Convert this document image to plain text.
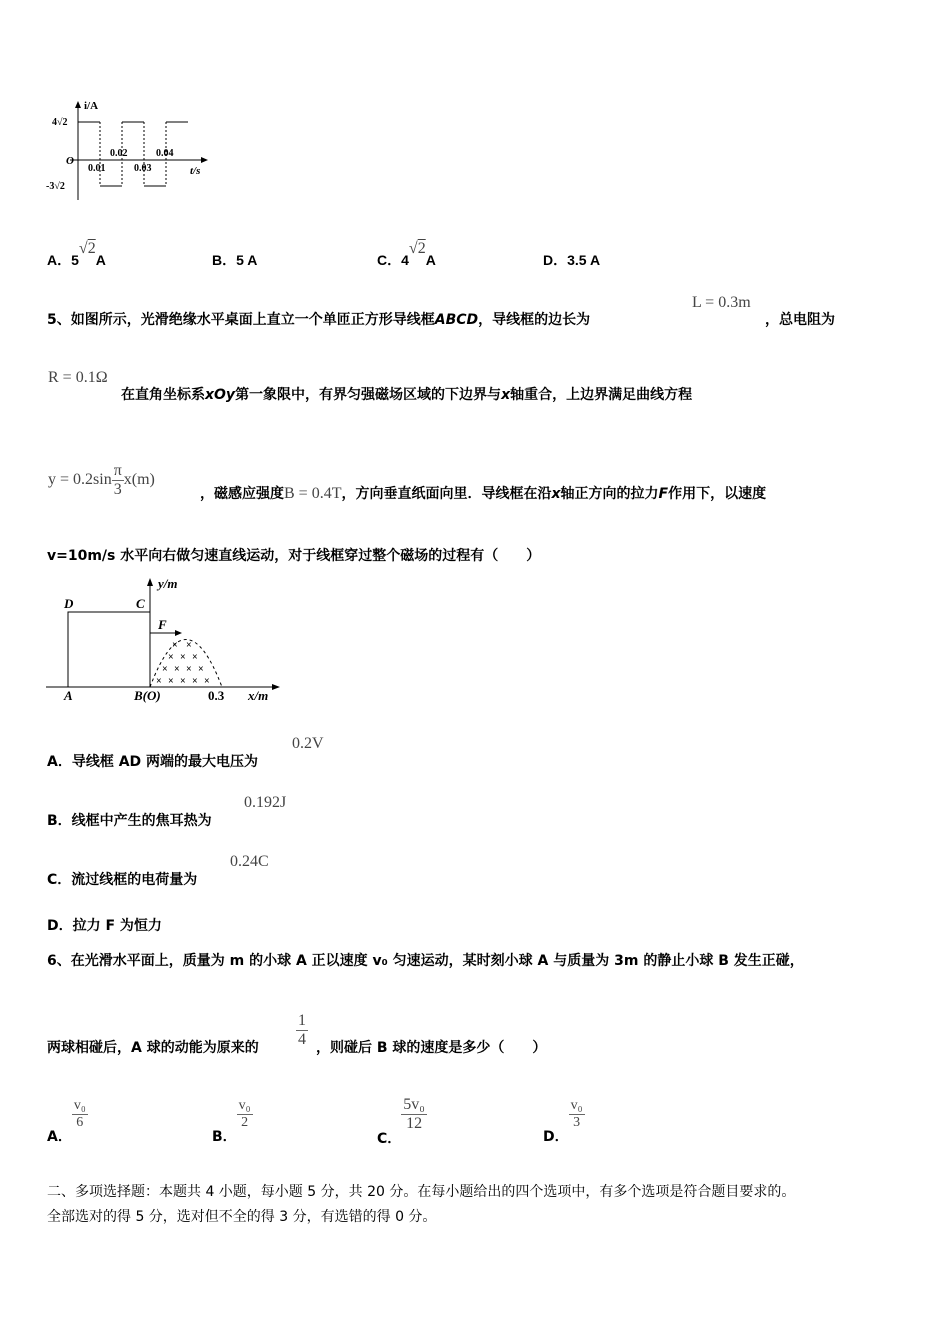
i/A
4√2
-3√2
O
t/s
0.02	0.04
0.01	0.03
A．5√2A	B．5 A	C．4√2A	D．3.5 A
5、如图所示，光滑绝缘水平桌面上直立一个单匝正方形导线框ABCD，导线框的边长为
L = 0.3m
，总电阻为
R = 0.1Ω
在直角坐标系xOy第一象限中，有界匀强磁场区域的下边界与x轴重合，上边界满足曲线方程
$y = 0.2\sin \frac{\pi}{3} x(m)$
，磁感应强度B = 0.4T，方向垂直纸面向里．导线框在沿x轴正方向的拉力F作用下，以速度
v=10m/s 水平向右做匀速直线运动，对于线框穿过整个磁场的过程有（　　）
× × ×
× × × ×
× × × × ×
× ×
y/m
x/m
D	C
A	B(O)	0.3
F
A．导线框 AD 两端的最大电压为
0.2V
B．线框中产生的焦耳热为
0.192J
C．流过线框的电荷量为
0.24C
D．拉力 F 为恒力
6、在光滑水平面上，质量为 m 的小球 A 正以速度 v₀ 匀速运动，某时刻小球 A 与质量为 3m 的静止小球 B 发生正碰，
两球相碰后，A 球的动能为原来的 $\frac{1}{4}$ ，则碰后 B 球的速度是多少（　　）
A．
$\frac{\text{v₀}}{6}$
B．
$\frac{\text{v₀}}{2}$
C．
$\frac{\text{5v₀}}{12}$
D．
$\frac{\text{v₀}}{3}$
二、多项选择题：本题共 4 小题，每小题 5 分，共 20 分。在每小题给出的四个选项中，有多个选项是符合题目要求的。
全部选对的得 5 分，选对但不全的得 3 分，有选错的得 0 分。
